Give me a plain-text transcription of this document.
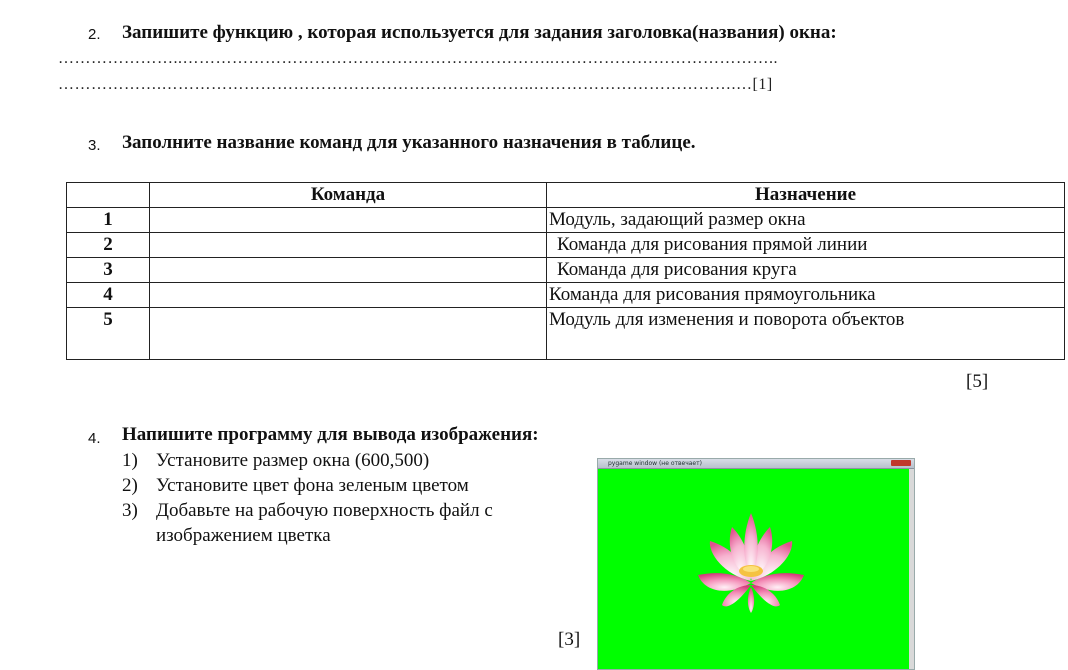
2. Запишите функцию , которая используется для задания заголовка(названия) окна:
…………………..…………………………………………………………..…………………………………..
……………….…………………………………………………………..……………………………….…[1]
3. Заполните название команд для указанного назначения в таблице.
	Команда	Назначение
1		Модуль, задающий размер окна
2		Команда для рисования прямой линии
3		Команда для рисования круга
4		Команда для рисования прямоугольника
5		Модуль для изменения и поворота объектов
[5]
4. Напишите программу для вывода изображения:
1) Установите размер окна (600,500)
2) Установите цвет фона зеленым цветом
3) Добавьте на рабочую поверхность файл с
изображением цветка
[3]
pygame window (не отвечает)
